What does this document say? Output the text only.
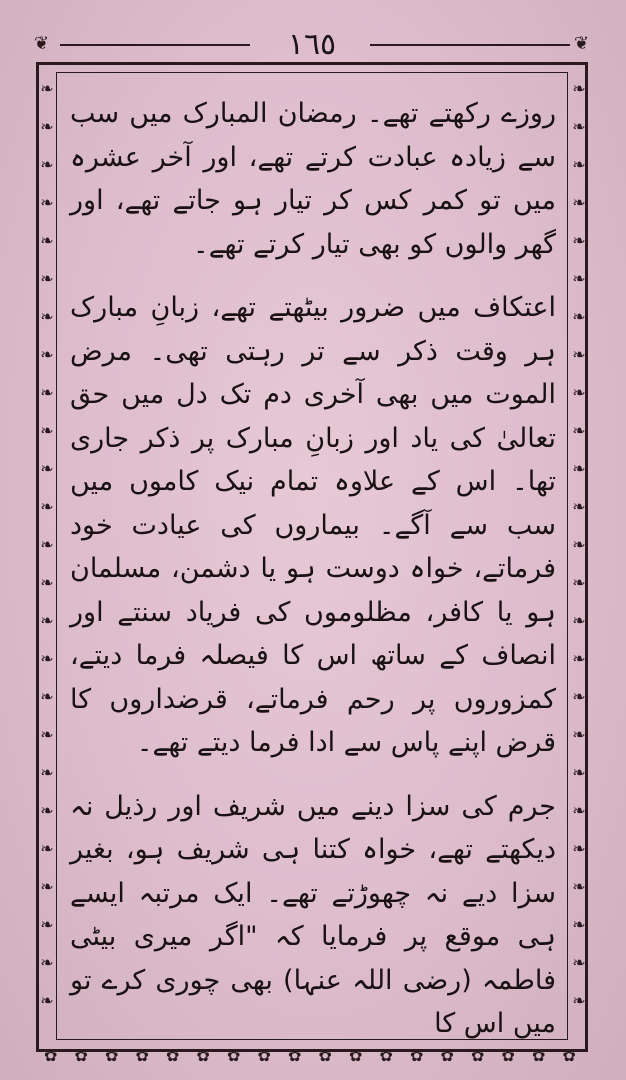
❦	١٦٥	❦
❧
❧
❧
❧
❧
❧
❧
❧
❧
❧
❧
❧
❧
❧
❧
❧
❧
❧
❧
❧
❧
❧
❧
❧
❧
❧
❧
❧
❧
❧
❧
❧
❧
❧
❧
❧
❧
❧
❧
❧
❧
❧
❧
❧
❧
❧
❧
❧
❧
❧
✿ ✿ ✿ ✿ ✿ ✿ ✿ ✿ ✿ ✿ ✿ ✿ ✿ ✿ ✿ ✿ ✿ ✿

روزے رکھتے تھے۔ رمضان المبارک میں سب سے زیادہ عبادت کرتے تھے، اور آخر عشرہ میں تو کمر کس کر تیار ہو جاتے تھے، اور گھر والوں کو بھی تیار کرتے تھے۔

اعتکاف میں ضرور بیٹھتے تھے، زبانِ مبارک ہر وقت ذکر سے تر رہتی تھی۔ مرض الموت میں بھی آخری دم تک دل میں حق تعالیٰ کی یاد اور زبانِ مبارک پر ذکر جاری تھا۔ اس کے علاوہ تمام نیک کاموں میں سب سے آگے۔ بیماروں کی عیادت خود فرماتے، خواہ دوست ہو یا دشمن، مسلمان ہو یا کافر، مظلوموں کی فریاد سنتے اور انصاف کے ساتھ اس کا فیصلہ فرما دیتے، کمزوروں پر رحم فرماتے، قرضداروں کا قرض اپنے پاس سے ادا فرما دیتے تھے۔

جرم کی سزا دینے میں شریف اور رذیل نہ دیکھتے تھے، خواہ کتنا ہی شریف ہو، بغیر سزا دیے نہ چھوڑتے تھے۔ ایک مرتبہ ایسے ہی موقع پر فرمایا کہ "اگر میری بیٹی فاطمہ (رضی اللہ عنہا) بھی چوری کرے تو میں اس کا
